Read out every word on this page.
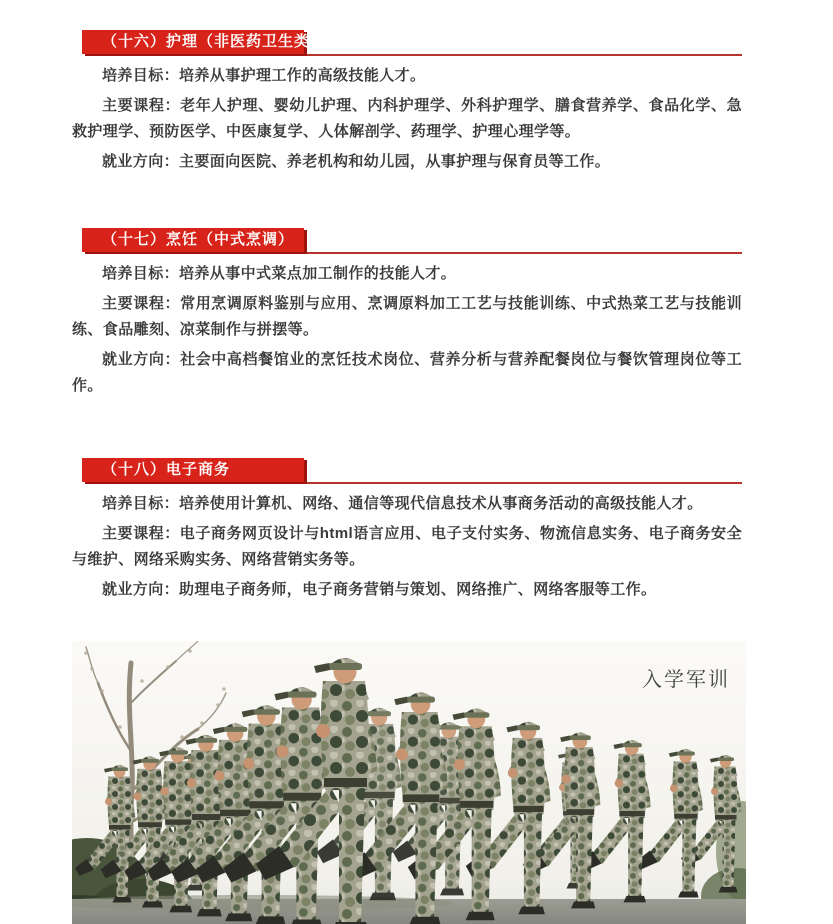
（十六）护理（非医药卫生类）

培养目标：培养从事护理工作的高级技能人才。

主要课程：老年人护理、婴幼儿护理、内科护理学、外科护理学、膳食营养学、食品化学、急救护理学、预防医学、中医康复学、人体解剖学、药理学、护理心理学等。

就业方向：主要面向医院、养老机构和幼儿园，从事护理与保育员等工作。

（十七）烹饪（中式烹调）

培养目标：培养从事中式菜点加工制作的技能人才。

主要课程：常用烹调原料鉴别与应用、烹调原料加工工艺与技能训练、中式热菜工艺与技能训练、食品雕刻、凉菜制作与拼摆等。

就业方向：社会中高档餐馆业的烹饪技术岗位、营养分析与营养配餐岗位与餐饮管理岗位等工作。

（十八）电子商务

培养目标：培养使用计算机、网络、通信等现代信息技术从事商务活动的高级技能人才。

主要课程：电子商务网页设计与html语言应用、电子支付实务、物流信息实务、电子商务安全与维护、网络采购实务、网络营销实务等。

就业方向：助理电子商务师，电子商务营销与策划、网络推广、网络客服等工作。

入学军训
